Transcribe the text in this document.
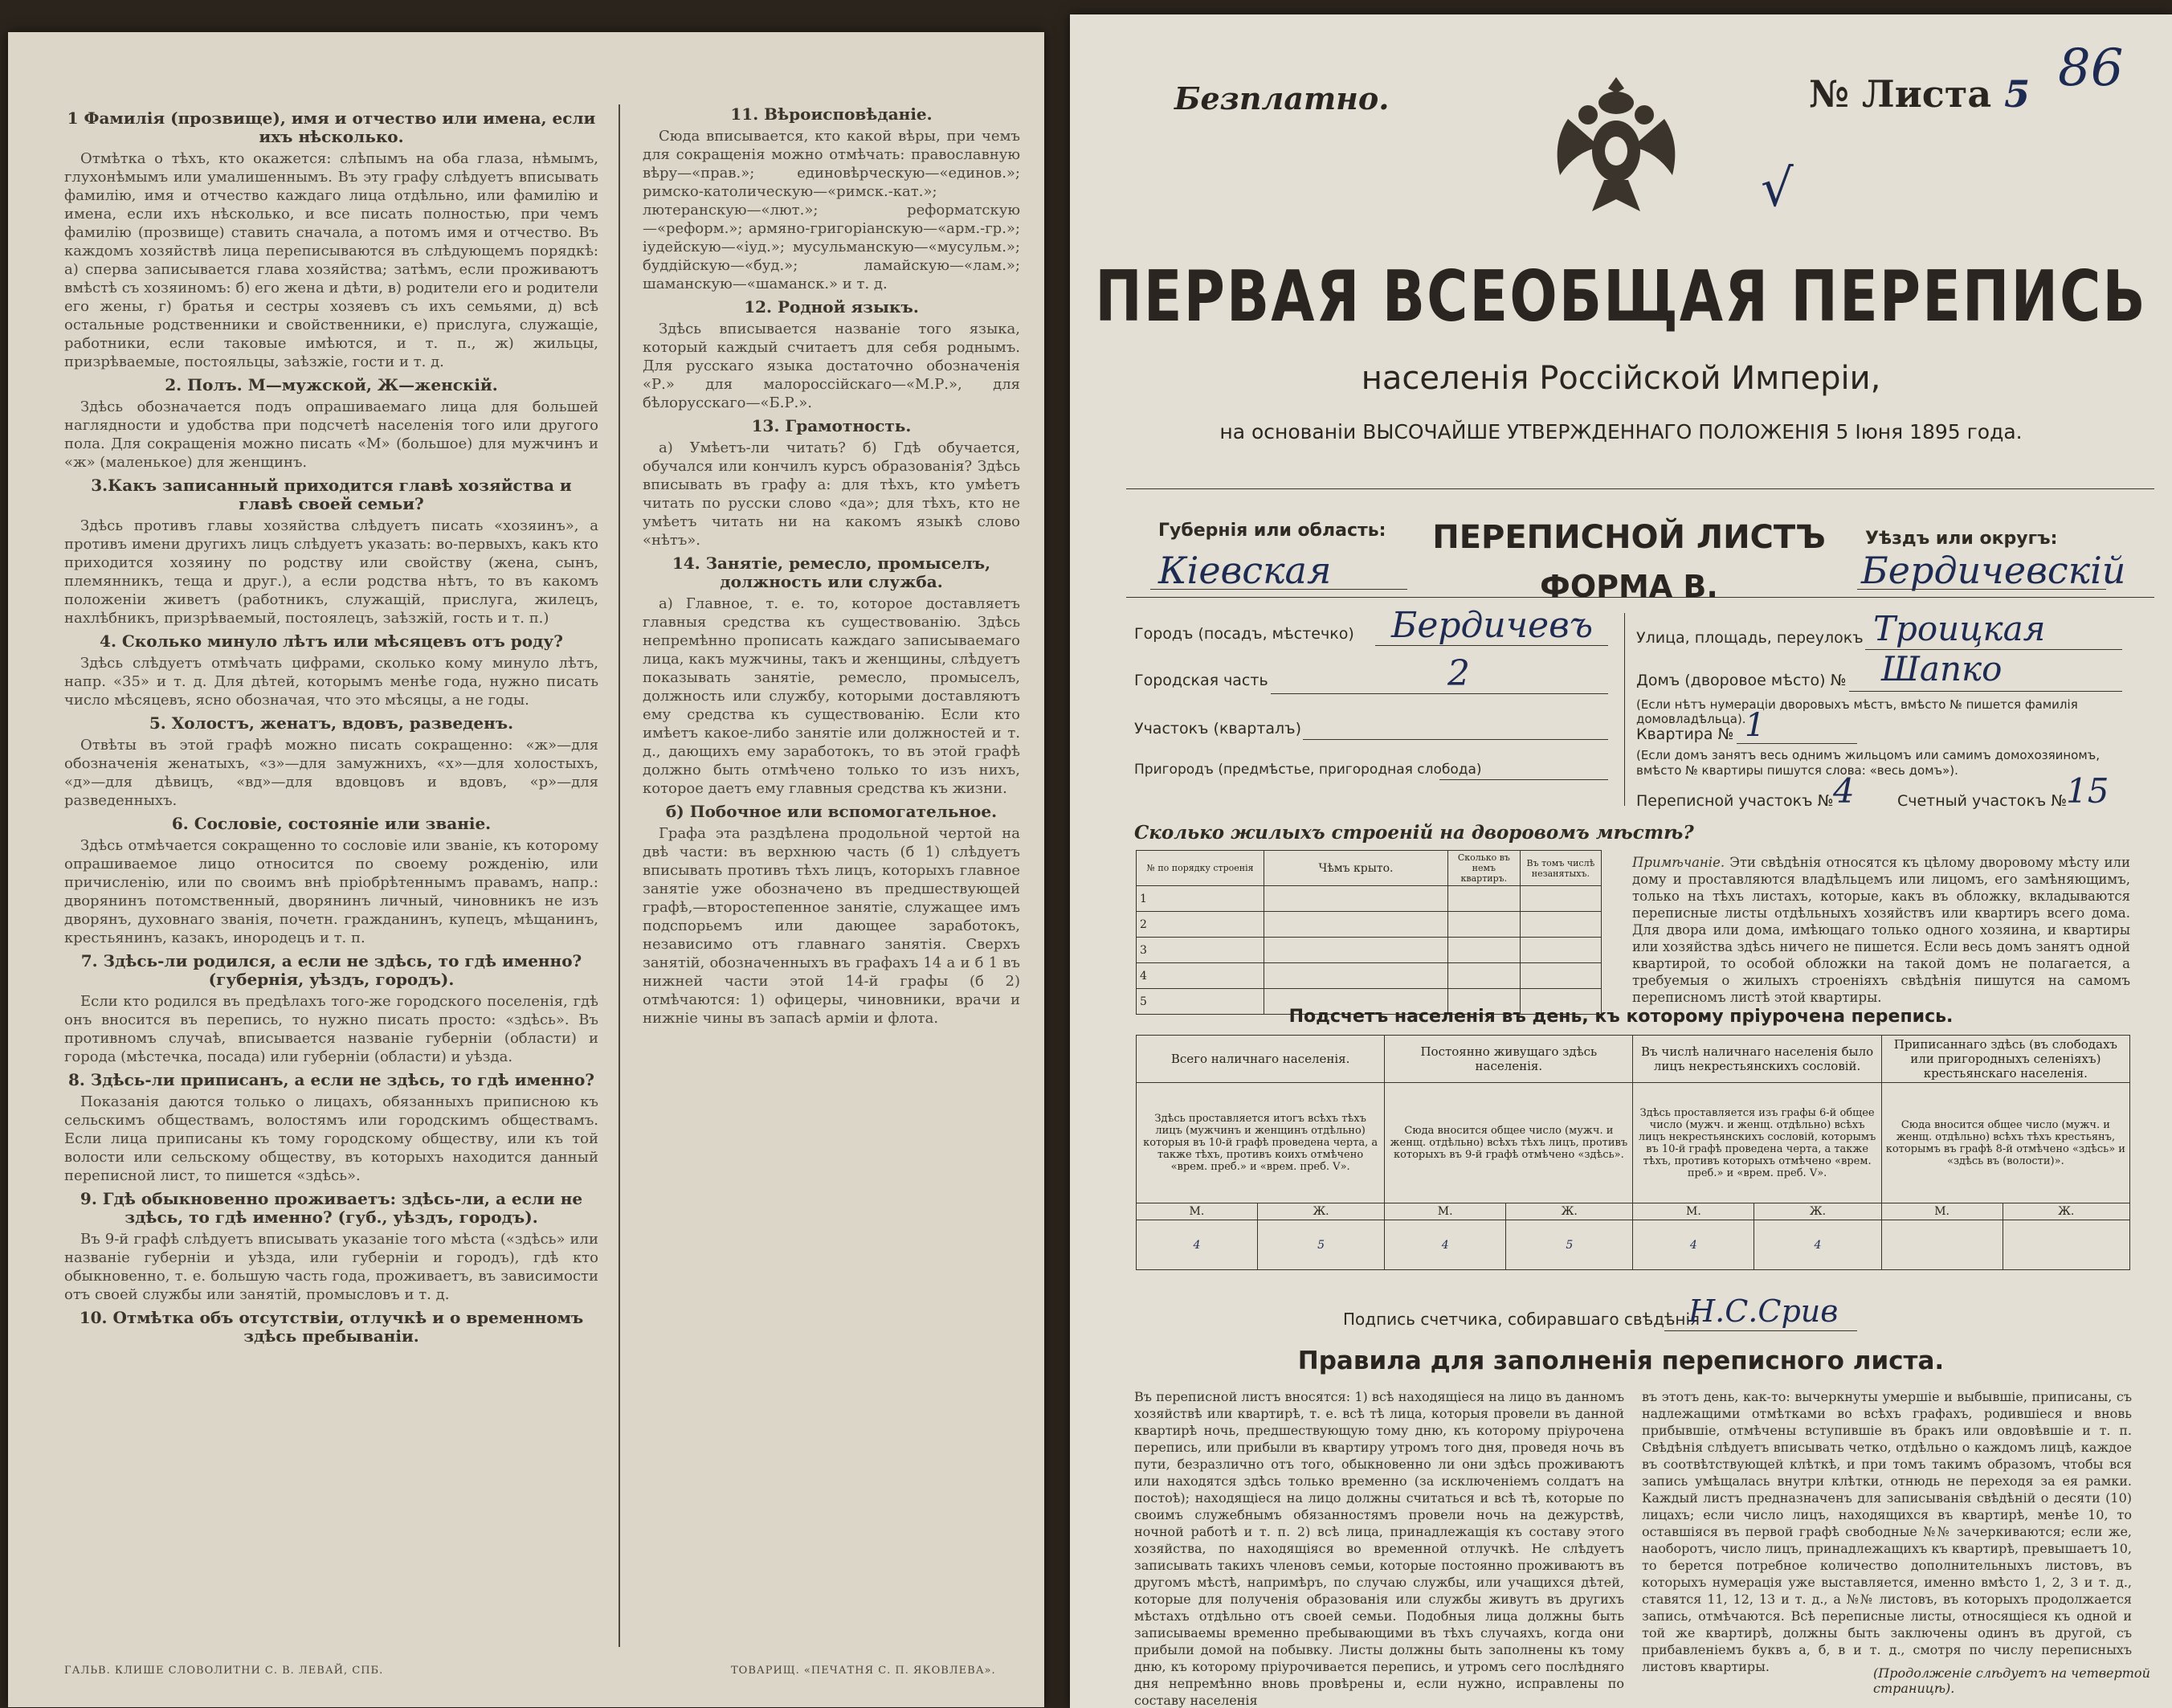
1 Фамилія (прозвище), имя и отчество или имена, если ихъ нѣсколько.

Отмѣтка о тѣхъ, кто окажется: слѣпымъ на оба глаза, нѣмымъ, глухонѣмымъ или умалишеннымъ. Въ эту графу слѣдуетъ вписывать фамилію, имя и отчество каждаго лица отдѣльно, или фамилію и имена, если ихъ нѣсколько, и все писать полностью, при чемъ фамилію (прозвище) ставить сначала, а потомъ имя и отчество. Въ каждомъ хозяйствѣ лица переписываются въ слѣдующемъ порядкѣ: а) сперва записывается глава хозяйства; затѣмъ, если проживаютъ вмѣстѣ съ хозяиномъ: б) его жена и дѣти, в) родители его и родители его жены, г) братья и сестры хозяевъ съ ихъ семьями, д) всѣ остальные родственники и свойственники, е) прислуга, служащіе, работники, если таковые имѣются, и т. п., ж) жильцы, призрѣваемые, постояльцы, заѣзжіе, гости и т. д.

2. Полъ. М—мужской, Ж—женскій.

Здѣсь обозначается подъ опрашиваемаго лица для большей наглядности и удобства при подсчетѣ населенія того или другого пола. Для сокращенія можно писать «М» (большое) для мужчинъ и «ж» (маленькое) для женщинъ.

3.Какъ записанный приходится главѣ хозяйства и главѣ своей семьи?

Здѣсь противъ главы хозяйства слѣдуетъ писать «хозяинъ», а противъ имени другихъ лицъ слѣдуетъ указать: во-первыхъ, какъ кто приходится хозяину по родству или свойству (жена, сынъ, племянникъ, теща и друг.), а если родства нѣтъ, то въ какомъ положеніи живетъ (работникъ, служащій, прислуга, жилецъ, нахлѣбникъ, призрѣваемый, постоялецъ, заѣзжій, гость и т. п.)

4. Сколько минуло лѣтъ или мѣсяцевъ отъ роду?

Здѣсь слѣдуетъ отмѣчать цифрами, сколько кому минуло лѣтъ, напр. «35» и т. д. Для дѣтей, которымъ менѣе года, нужно писать число мѣсяцевъ, ясно обозначая, что это мѣсяцы, а не годы.

5. Холостъ, женатъ, вдовъ, разведенъ.

Отвѣты въ этой графѣ можно писать сокращенно: «ж»—для обозначенія женатыхъ, «з»—для замужнихъ, «х»—для холостыхъ, «д»—для дѣвицъ, «вд»—для вдовцовъ и вдовъ, «р»—для разведенныхъ.

6. Сословіе, состояніе или званіе.

Здѣсь отмѣчается сокращенно то сословіе или званіе, къ которому опрашиваемое лицо относится по своему рожденію, или причисленію, или по своимъ внѣ пріобрѣтеннымъ правамъ, напр.: дворянинъ потомственный, дворянинъ личный, чиновникъ не изъ дворянъ, духовнаго званія, почетн. гражданинъ, купецъ, мѣщанинъ, крестьянинъ, казакъ, инородецъ и т. п.

7. Здѣсь-ли родился, а если не здѣсь, то гдѣ именно? (губернія, уѣздъ, городъ).

Если кто родился въ предѣлахъ того-же городского поселенія, гдѣ онъ вносится въ перепись, то нужно писать просто: «здѣсь». Въ противномъ случаѣ, вписывается названіе губерніи (области) и города (мѣстечка, посада) или губерніи (области) и уѣзда.

8. Здѣсь-ли приписанъ, а если не здѣсь, то гдѣ именно?

Показанія даются только о лицахъ, обязанныхъ приписною къ сельскимъ обществамъ, волостямъ или городскимъ обществамъ. Если лица приписаны къ тому городскому обществу, или къ той волости или сельскому обществу, въ которыхъ находится данный переписной лист, то пишется «здѣсь».

9. Гдѣ обыкновенно проживаетъ: здѣсь-ли, а если не здѣсь, то гдѣ именно? (губ., уѣздъ, городъ).

Въ 9-й графѣ слѣдуетъ вписывать указаніе того мѣста («здѣсь» или названіе губерніи и уѣзда, или губерніи и городъ), гдѣ кто обыкновенно, т. е. большую часть года, проживаетъ, въ зависимости отъ своей службы или занятій, промысловъ и т. д.

10. Отмѣтка объ отсутствіи, отлучкѣ и о временномъ здѣсь пребываніи.
11. Вѣроисповѣданіе.

Сюда вписывается, кто какой вѣры, при чемъ для сокращенія можно отмѣчать: православную вѣру—«прав.»; единовѣрческую—«единов.»; римско-католическую—«римск.-кат.»; лютеранскую—«лют.»; реформатскую—«реформ.»; армяно-григоріанскую—«арм.-гр.»; іудейскую—«іуд.»; мусульманскую—«мусульм.»; буддійскую—«буд.»; ламайскую—«лам.»; шаманскую—«шаманск.» и т. д.

12. Родной языкъ.

Здѣсь вписывается названіе того языка, который каждый считаетъ для себя роднымъ. Для русскаго языка достаточно обозначенія «Р.» для малороссійскаго—«М.Р.», для бѣлорусскаго—«Б.Р.».

13. Грамотность.

а) Умѣетъ-ли читать? б) Гдѣ обучается, обучался или кончилъ курсъ образованія? Здѣсь вписывать въ графу а: для тѣхъ, кто умѣетъ читать по русски слово «да»; для тѣхъ, кто не умѣетъ читать ни на какомъ языкѣ слово «нѣтъ».

14. Занятіе, ремесло, промыселъ, должность или служба.

а) Главное, т. е. то, которое доставляетъ главныя средства къ существованію. Здѣсь непремѣнно прописать каждаго записываемаго лица, какъ мужчины, такъ и женщины, слѣдуетъ показывать занятіе, ремесло, промыселъ, должность или службу, которыми доставляютъ ему средства къ существованію. Если кто имѣетъ какое-либо занятіе или должностей и т. д., дающихъ ему заработокъ, то въ этой графѣ должно быть отмѣчено только то изъ нихъ, которое даетъ ему главныя средства къ жизни.

б) Побочное или вспомогательное.

Графа эта раздѣлена продольной чертой на двѣ части: въ верхнюю часть (б 1) слѣдуетъ вписывать противъ тѣхъ лицъ, которыхъ главное занятіе уже обозначено въ предшествующей графѣ,—второстепенное занятіе, служащее имъ подспорьемъ или дающее заработокъ, независимо отъ главнаго занятія. Сверхъ занятій, обозначенныхъ въ графахъ 14 а и б 1 въ нижней части этой 14-й графы (б 2) отмѣчаются: 1) офицеры, чиновники, врачи и нижніе чины въ запасѣ арміи и флота.

ГАЛЬВ. КЛИШЕ СЛОВОЛИТНИ С. В. ЛЕВАЙ, СПБ.	ТОВАРИЩ. «ПЕЧАТНЯ С. П. ЯКОВЛЕВА».
Безплатно.	№ Листа 5 86
√
ПЕРВАЯ ВСЕОБЩАЯ ПЕРЕПИСЬ
населенія Россійской Имперіи,
на основаніи ВЫСОЧАЙШЕ УТВЕРЖДЕННАГО ПОЛОЖЕНІЯ 5 Іюня 1895 года.
Губернія или область:
Кіевская
ПЕРЕПИСНОЙ ЛИСТЪ
ФОРМА В.
Уѣздъ или округъ:
Бердичевскій
Городъ (посадъ, мѣстечко) Бердичевъ
Городская часть	2
Участокъ (кварталъ)
Пригородъ (предмѣстье, пригородная слобода)
Улица, площадь, переулокъ Троицкая
Домъ (дворовое мѣсто) № Шапко
(Если нѣтъ нумераціи дворовыхъ мѣстъ, вмѣсто № пишется фамилія домовладѣльца).
Квартира № 1
(Если домъ занятъ весь однимъ жильцомъ или самимъ домохозяиномъ, вмѣсто № квартиры пишутся слова: «весь домъ»).
Переписной участокъ № 4	Счетный участокъ №
15
Сколько жилыхъ строеній на дворовомъ мѣстѣ?
№ по порядку строенія	Чѣмъ крыто.	Сколько въ немъ квартиръ.	Въ томъ числѣ незанятыхъ.
1			
2			
3			
4			
5			
Примѣчаніе. Эти свѣдѣнія относятся къ цѣлому дворовому мѣсту или дому и проставляются владѣльцемъ или лицомъ, его замѣняющимъ, только на тѣхъ листахъ, которые, какъ въ обложку, вкладываются переписные листы отдѣльныхъ хозяйствъ или квартиръ всего дома. Для двора или дома, имѣющаго только одного хозяина, и квартиры или хозяйства здѣсь ничего не пишется. Если весь домъ занятъ одной квартирой, то особой обложки на такой домъ не полагается, а требуемыя о жилыхъ строеніяхъ свѣдѣнія пишутся на самомъ переписномъ листѣ этой квартиры.
Подсчетъ населенія въ день, къ которому пріурочена перепись.
Всего наличнаго населенія.		Постоянно живущаго здѣсь населенія.		Въ числѣ наличнаго населенія было лицъ некрестьянскихъ сословій.		Приписаннаго здѣсь (въ слободахъ или пригородныхъ селеніяхъ) крестьянскаго населенія.	
Здѣсь проставляется итогъ всѣхъ тѣхъ лицъ (мужчинъ и женщинъ отдѣльно) которыя въ 10-й графѣ проведена черта, а также тѣхъ, противъ коихъ отмѣчено «врем. преб.» и «врем. преб. V».		Сюда вносится общее число (мужч. и женщ. отдѣльно) всѣхъ тѣхъ лицъ, противъ которыхъ въ 9-й графѣ отмѣчено «здѣсь».		Здѣсь проставляется изъ графы 6-й общее число (мужч. и женщ. отдѣльно) всѣхъ лицъ некрестьянскихъ сословій, которымъ въ 10-й графѣ проведена черта, а также тѣхъ, противъ которыхъ отмѣчено «врем. преб.» и «врем. преб. V».		Сюда вносится общее число (мужч. и женщ. отдѣльно) всѣхъ тѣхъ крестьянъ, которымъ въ графѣ 8-й отмѣчено «здѣсь» и «здѣсь въ (волости)».	
М.	Ж.	М.	Ж.	М.	Ж.	М.	Ж.
4	5	4	5	4	4		
Подпись счетчика, собиравшаго свѣдѣнія
Н.С.Срив
Правила для заполненія переписного листа.
Въ переписной листъ вносятся: 1) всѣ находящіеся на лицо въ данномъ хозяйствѣ или квартирѣ, т. е. всѣ тѣ лица, которыя провели въ данной квартирѣ ночь, предшествующую тому дню, къ которому пріурочена перепись, или прибыли въ квартиру утромъ того дня, проведя ночь въ пути, безразлично отъ того, обыкновенно ли они здѣсь проживаютъ или находятся здѣсь только временно (за исключеніемъ солдатъ на постоѣ); находящіеся на лицо должны считаться и всѣ тѣ, которые по своимъ служебнымъ обязанностямъ провели ночь на дежурствѣ, ночной работѣ и т. п. 2) всѣ лица, принадлежащія къ составу этого хозяйства, по находящіяся во временной отлучкѣ. Не слѣдуетъ записывать такихъ членовъ семьи, которые постоянно проживаютъ въ другомъ мѣстѣ, напримѣръ, по случаю службы, или учащихся дѣтей, которые для полученія образованія или службы живутъ въ другихъ мѣстахъ отдѣльно отъ своей семьи. Подобныя лица должны быть записываемы временно пребывающими въ тѣхъ случаяхъ, когда они прибыли домой на побывку. Листы должны быть заполнены къ тому дню, къ которому пріурочивается перепись, и утромъ сего послѣдняго дня непремѣнно вновь провѣрены и, если нужно, исправлены по составу населенія
въ этотъ день, как-то: вычеркнуты умершіе и выбывшіе, приписаны, съ надлежащими отмѣтками во всѣхъ графахъ, родившіеся и вновь прибывшіе, отмѣчены вступившіе въ бракъ или овдовѣвшіе и т. п. Свѣдѣнія слѣдуетъ вписывать четко, отдѣльно о каждомъ лицѣ, каждое въ соотвѣтствующей клѣткѣ, и при томъ такимъ образомъ, чтобы вся запись умѣщалась внутри клѣтки, отнюдь не переходя за ея рамки. Каждый листъ предназначенъ для записыванія свѣдѣній о десяти (10) лицахъ; если число лицъ, находящихся въ квартирѣ, менѣе 10, то оставшіяся въ первой графѣ свободные №№ зачеркиваются; если же, наоборотъ, число лицъ, принадлежащихъ къ квартирѣ, превышаетъ 10, то берется потребное количество дополнительныхъ листовъ, въ которыхъ нумерація уже выставляется, именно вмѣсто 1, 2, 3 и т. д., ставятся 11, 12, 13 и т. д., а №№ листовъ, въ которыхъ продолжается запись, отмѣчаются. Всѣ переписные листы, относящіеся къ одной и той же квартирѣ, должны быть заключены одинъ въ другой, съ прибавленіемъ буквъ а, б, в и т. д., смотря по числу переписныхъ листовъ квартиры.	(Продолженіе слѣдуетъ на четвертой страницѣ).
